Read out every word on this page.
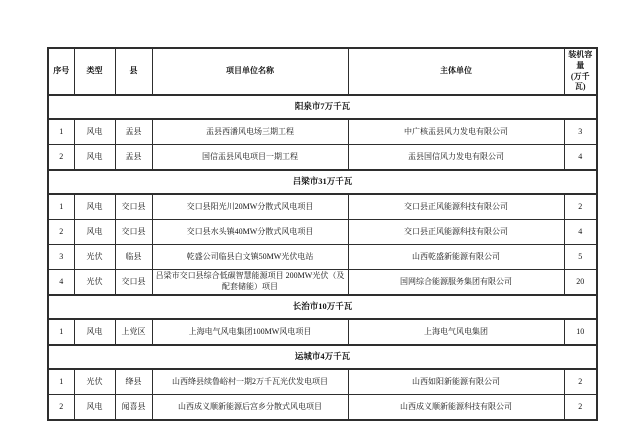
序号	类型	县	项目单位名称	主体单位	装机容量
(万千瓦)

阳泉市7万千瓦					
1	风电	盂县	盂县西潘风电场三期工程	中广核盂县风力发电有限公司	3
2	风电	盂县	国信盂县风电项目一期工程	盂县国信风力发电有限公司	4
吕梁市31万千瓦					
1	风电	交口县	交口县阳光川20MW分散式风电项目	交口县正风能源科技有限公司	2
2	风电	交口县	交口县水头镇40MW分散式风电项目	交口县正风能源科技有限公司	4
3	光伏	临县	乾盛公司临县白文镇50MW光伏电站	山西乾盛新能源有限公司	5
4	光伏	交口县	吕梁市交口县综合低碳智慧能源项目 200MW光伏（及配套储能）项目	国网综合能源服务集团有限公司	20
长治市10万千瓦					
1	风电	上党区	上海电气风电集团100MW风电项目	上海电气风电集团	10
运城市4万千瓦					
1	光伏	绛县	山西绛县续鲁峪村一期2万千瓦光伏发电项目	山西如阳新能源有限公司	2
2	风电	闻喜县	山西成义顺新能源后宫乡分散式风电项目	山西成义顺新能源科技有限公司	2
